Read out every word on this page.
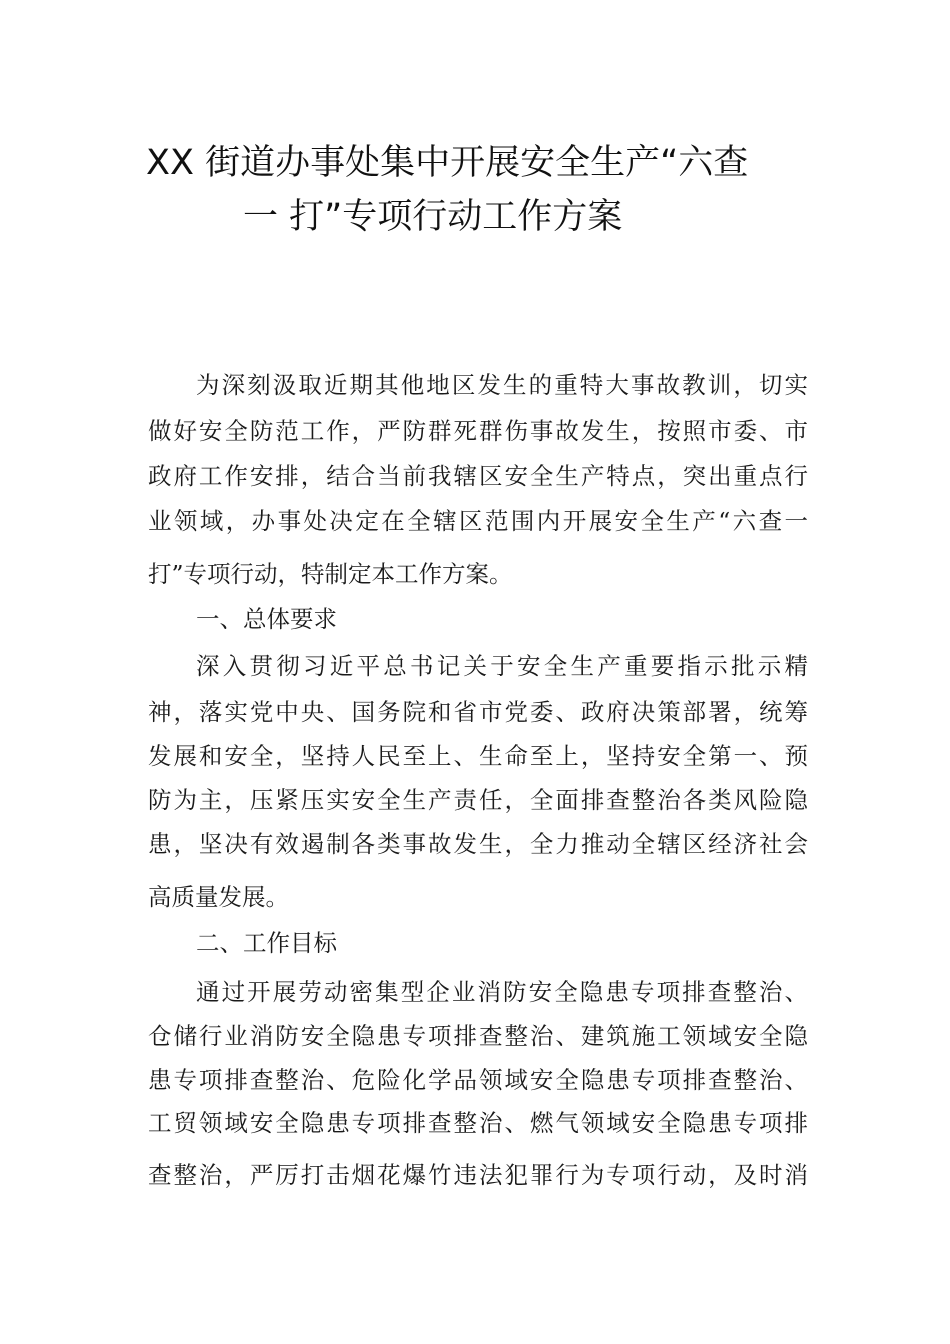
XX 街道办事处集中开展安全生产“六查
一 打”专项行动工作方案

为深刻汲取近期其他地区发生的重特大事故教训，切实

做好安全防范工作，严防群死群伤事故发生，按照市委、市

政府工作安排，结合当前我辖区安全生产特点，突出重点行

业领域，办事处决定在全辖区范围内开展安全生产“六查一

打”专项行动，特制定本工作方案。

一、总体要求

深入贯彻习近平总书记关于安全生产重要指示批示精

神，落实党中央、国务院和省市党委、政府决策部署，统筹

发展和安全，坚持人民至上、生命至上，坚持安全第一、预

防为主，压紧压实安全生产责任，全面排查整治各类风险隐

患，坚决有效遏制各类事故发生，全力推动全辖区经济社会

高质量发展。

二、工作目标

通过开展劳动密集型企业消防安全隐患专项排查整治、

仓储行业消防安全隐患专项排查整治、建筑施工领域安全隐

患专项排查整治、危险化学品领域安全隐患专项排查整治、

工贸领域安全隐患专项排查整治、燃气领域安全隐患专项排

查整治，严厉打击烟花爆竹违法犯罪行为专项行动，及时消
